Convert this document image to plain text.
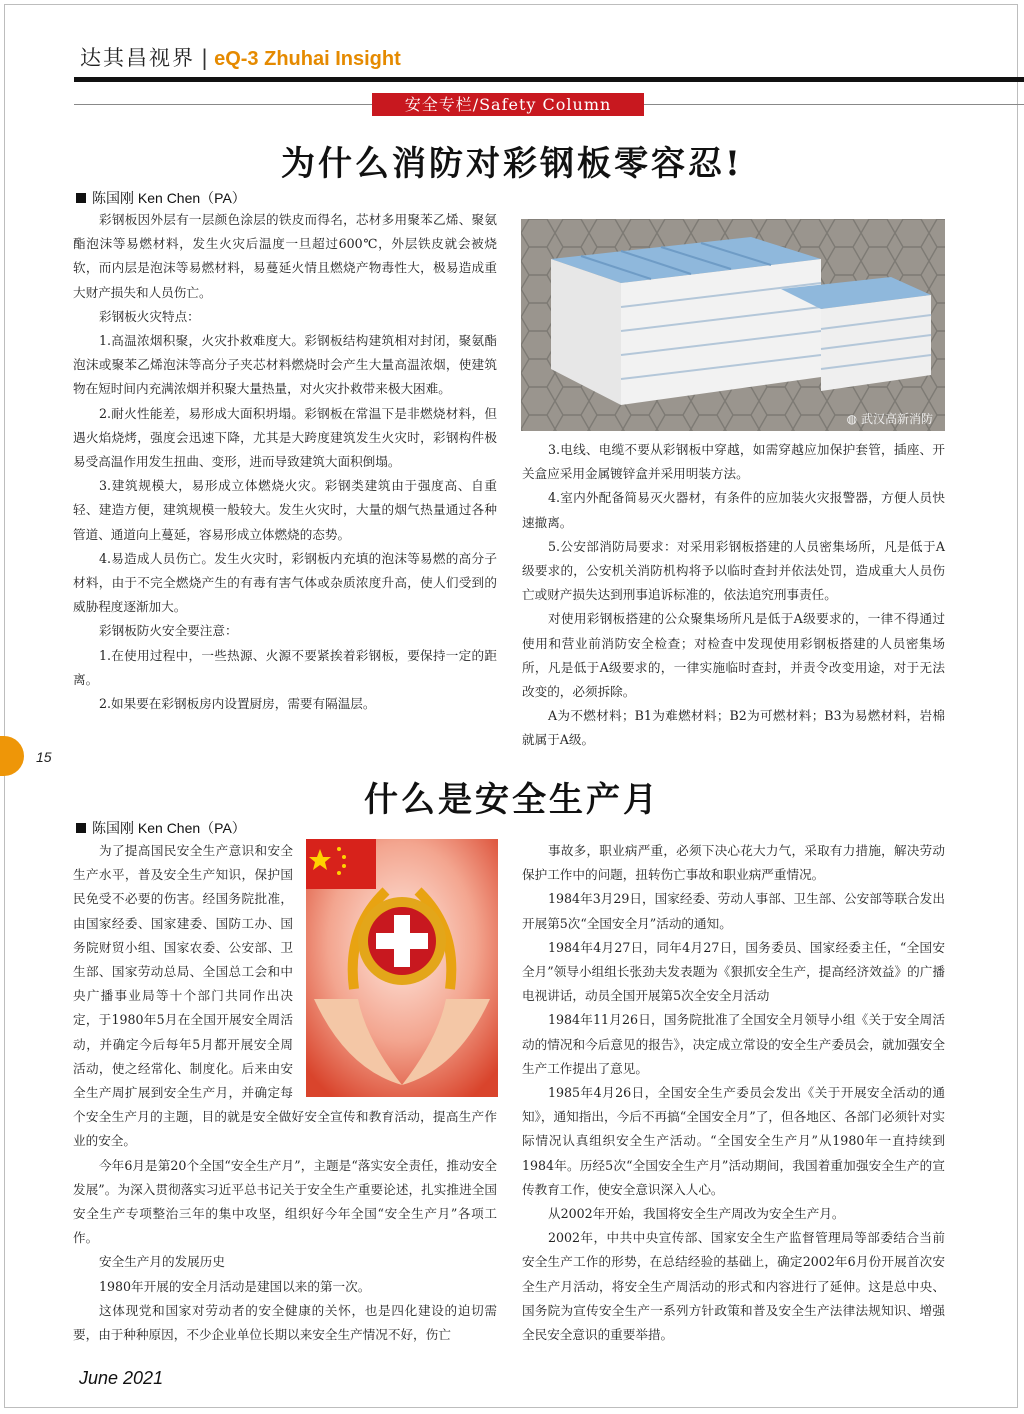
达其昌视界 | eQ-3 Zhuhai Insight
安全专栏/Safety Column
为什么消防对彩钢板零容忍!
陈国刚 Ken Chen（PA）

彩钢板因外层有一层颜色涂层的铁皮而得名，芯材多用聚苯乙烯、聚氨酯泡沫等易燃材料，发生火灾后温度一旦超过600℃，外层铁皮就会被烧软，而内层是泡沫等易燃材料，易蔓延火情且燃烧产物毒性大，极易造成重大财产损失和人员伤亡。

彩钢板火灾特点：

1.高温浓烟积聚，火灾扑救难度大。彩钢板结构建筑相对封闭，聚氨酯泡沫或聚苯乙烯泡沫等高分子夹芯材料燃烧时会产生大量高温浓烟，使建筑物在短时间内充满浓烟并积聚大量热量，对火灾扑救带来极大困难。

2.耐火性能差，易形成大面积坍塌。彩钢板在常温下是非燃烧材料，但遇火焰烧烤，强度会迅速下降，尤其是大跨度建筑发生火灾时，彩钢构件极易受高温作用发生扭曲、变形，进而导致建筑大面积倒塌。

3.建筑规模大，易形成立体燃烧火灾。彩钢类建筑由于强度高、自重轻、建造方便，建筑规模一般较大。发生火灾时，大量的烟气热量通过各种管道、通道向上蔓延，容易形成立体燃烧的态势。

4.易造成人员伤亡。发生火灾时，彩钢板内充填的泡沫等易燃的高分子材料，由于不完全燃烧产生的有毒有害气体或杂质浓度升高，使人们受到的威胁程度逐渐加大。

彩钢板防火安全要注意：

1.在使用过程中，一些热源、火源不要紧挨着彩钢板，要保持一定的距离。

2.如果要在彩钢板房内设置厨房，需要有隔温层。

◍ 武汉高新消防

3.电线、电缆不要从彩钢板中穿越，如需穿越应加保护套管，插座、开关盒应采用金属镀锌盒并采用明装方法。

4.室内外配备简易灭火器材，有条件的应加装火灾报警器，方便人员快速撤离。

5.公安部消防局要求：对采用彩钢板搭建的人员密集场所，凡是低于A级要求的，公安机关消防机构将予以临时查封并依法处罚，造成重大人员伤亡或财产损失达到刑事追诉标准的，依法追究刑事责任。

对使用彩钢板搭建的公众聚集场所凡是低于A级要求的，一律不得通过使用和营业前消防安全检查；对检查中发现使用彩钢板搭建的人员密集场所，凡是低于A级要求的，一律实施临时查封，并责令改变用途，对于无法改变的，必须拆除。

A为不燃材料；B1为难燃材料；B2为可燃材料；B3为易燃材料，岩棉就属于A级。

15
什么是安全生产月
陈国刚 Ken Chen（PA）

为了提高国民安全生产意识和安全生产水平，普及安全生产知识，保护国民免受不必要的伤害。经国务院批准，由国家经委、国家建委、国防工办、国务院财贸小组、国家农委、公安部、卫生部、国家劳动总局、全国总工会和中央广播事业局等十个部门共同作出决定，于1980年5月在全国开展安全周活动，并确定今后每年5月都开展安全周活动，使之经常化、制度化。后来由安全生产周扩展到安全生产月，并确定每个安全生产月的主题，目的就是安全做好安全宣传和教育活动，提高生产作业的安全。

今年6月是第20个全国“安全生产月”，主题是“落实安全责任，推动安全发展”。为深入贯彻落实习近平总书记关于安全生产重要论述，扎实推进全国安全生产专项整治三年的集中攻坚，组织好今年全国“安全生产月”各项工作。

安全生产月的发展历史

1980年开展的安全月活动是建国以来的第一次。

这体现党和国家对劳动者的安全健康的关怀，也是四化建设的迫切需要，由于种种原因，不少企业单位长期以来安全生产情况不好，伤亡

事故多，职业病严重，必须下决心花大力气，采取有力措施，解决劳动保护工作中的问题，扭转伤亡事故和职业病严重情况。

1984年3月29日，国家经委、劳动人事部、卫生部、公安部等联合发出开展第5次“全国安全月”活动的通知。

1984年4月27日，同年4月27日，国务委员、国家经委主任，“全国安全月”领导小组组长张劲夫发表题为《狠抓安全生产，提高经济效益》的广播电视讲话，动员全国开展第5次全安全月活动

1984年11月26日，国务院批准了全国安全月领导小组《关于安全周活动的情况和今后意见的报告》，决定成立常设的安全生产委员会，就加强安全生产工作提出了意见。

1985年4月26日，全国安全生产委员会发出《关于开展安全活动的通知》，通知指出，今后不再搞“全国安全月”了，但各地区、各部门必须针对实际情况认真组织安全生产活动。“全国安全生产月”从1980年一直持续到1984年。历经5次“全国安全生产月”活动期间，我国着重加强安全生产的宣传教育工作，使安全意识深入人心。

从2002年开始，我国将安全生产周改为安全生产月。

2002年，中共中央宣传部、国家安全生产监督管理局等部委结合当前安全生产工作的形势，在总结经验的基础上，确定2002年6月份开展首次安全生产月活动，将安全生产周活动的形式和内容进行了延伸。这是总中央、国务院为宣传安全生产一系列方针政策和普及安全生产法律法规知识、增强全民安全意识的重要举措。

June 2021
